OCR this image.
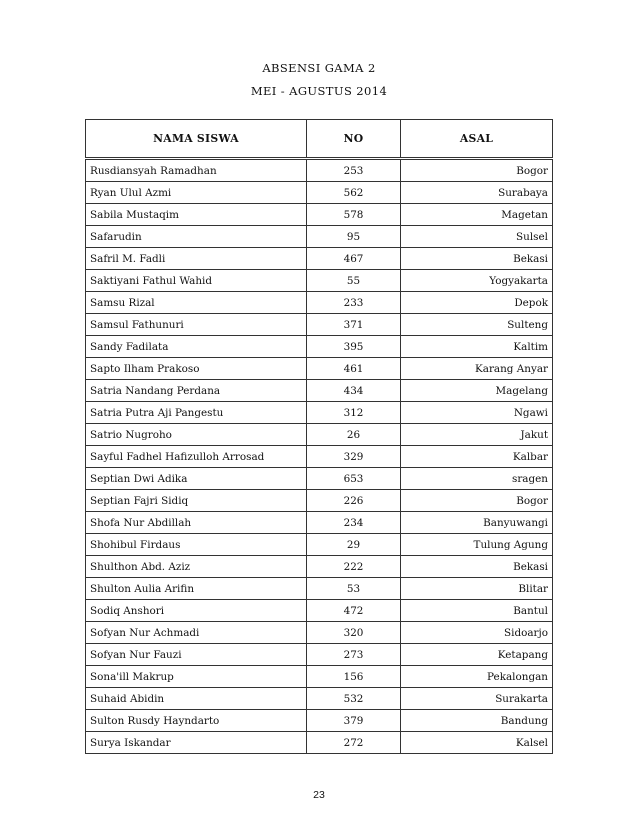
ABSENSI GAMA 2
MEI - AGUSTUS 2014
NAMA SISWA	NO	ASAL
Rusdiansyah Ramadhan	253	Bogor
Ryan Ulul Azmi	562	Surabaya
Sabila Mustaqim	578	Magetan
Safarudin	95	Sulsel
Safril M. Fadli	467	Bekasi
Saktiyani Fathul Wahid	55	Yogyakarta
Samsu Rizal	233	Depok
Samsul Fathunuri	371	Sulteng
Sandy Fadilata	395	Kaltim
Sapto Ilham Prakoso	461	Karang Anyar
Satria Nandang Perdana	434	Magelang
Satria Putra Aji Pangestu	312	Ngawi
Satrio Nugroho	26	Jakut
Sayful Fadhel Hafizulloh Arrosad	329	Kalbar
Septian Dwi Adika	653	sragen
Septian Fajri Sidiq	226	Bogor
Shofa Nur Abdillah	234	Banyuwangi
Shohibul Firdaus	29	Tulung Agung
Shulthon Abd. Aziz	222	Bekasi
Shulton Aulia Arifin	53	Blitar
Sodiq Anshori	472	Bantul
Sofyan Nur Achmadi	320	Sidoarjo
Sofyan Nur Fauzi	273	Ketapang
Sona'ill Makrup	156	Pekalongan
Suhaid Abidin	532	Surakarta
Sulton Rusdy Hayndarto	379	Bandung
Surya Iskandar	272	Kalsel
23
